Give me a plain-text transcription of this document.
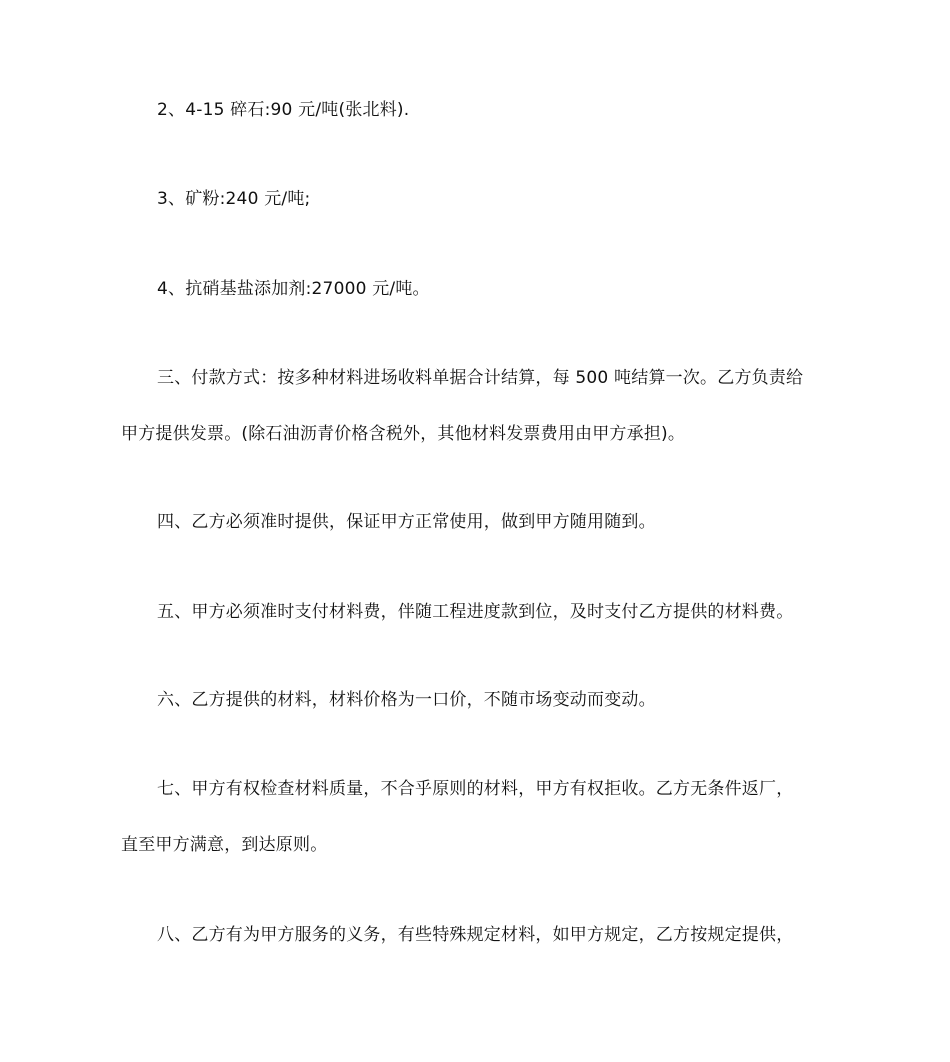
2、4-15 碎石:90 元/吨(张北料).
3、矿粉:240 元/吨;
4、抗硝基盐添加剂:27000 元/吨。
三、付款方式：按多种材料进场收料单据合计结算，每 500 吨结算一次。乙方负责给
甲方提供发票。(除石油沥青价格含税外，其他材料发票费用由甲方承担)。
四、乙方必须准时提供，保证甲方正常使用，做到甲方随用随到。
五、甲方必须准时支付材料费，伴随工程进度款到位，及时支付乙方提供的材料费。
六、乙方提供的材料，材料价格为一口价，不随市场变动而变动。
七、甲方有权检查材料质量，不合乎原则的材料，甲方有权拒收。乙方无条件返厂，
直至甲方满意，到达原则。
八、乙方有为甲方服务的义务，有些特殊规定材料，如甲方规定，乙方按规定提供，
